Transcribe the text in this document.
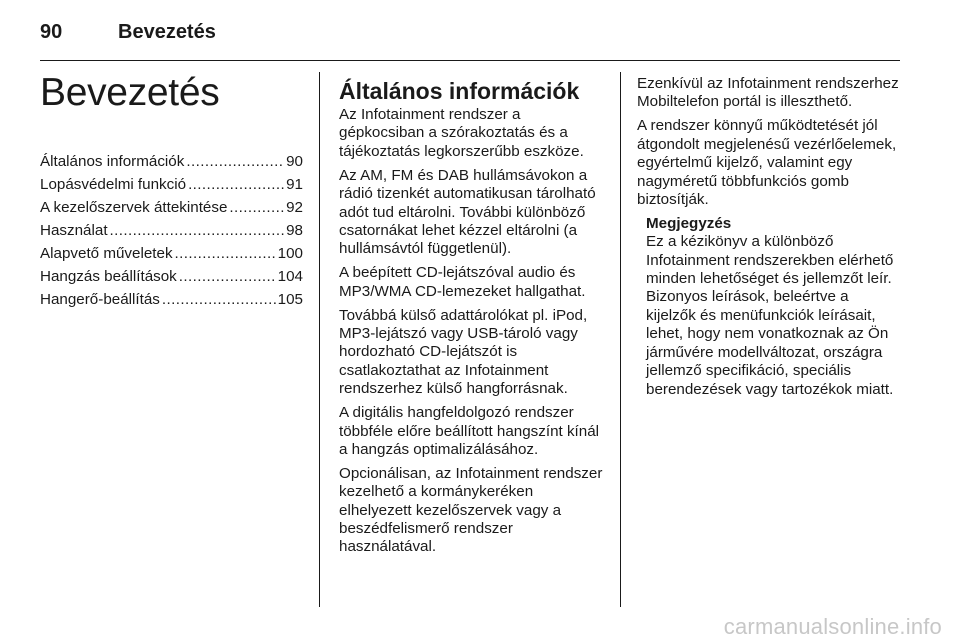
90	Bevezetés
Bevezetés
Általános információk .....	90
Lopásvédelmi funkció .....	91
A kezelőszervek áttekintése .....	92
Használat .....	98
Alapvető műveletek .....	100
Hangzás beállítások .....	104
Hangerő-beállítás .....	105
Általános információk

Az Infotainment rendszer a gépkocsiban a szórakoztatás és a tájékoztatás legkorszerűbb eszköze.

Az AM, FM és DAB hullámsávokon a rádió tizenkét automatikusan tárolható adót tud eltárolni. További különböző csatornákat lehet kézzel eltárolni (a hullámsávtól függetlenül).

A beépített CD-lejátszóval audio és MP3/WMA CD-lemezeket hallgathat.

Továbbá külső adattárolókat pl. iPod, MP3-lejátszó vagy USB-tároló vagy hordozható CD-lejátszót is csatlakoztathat az Infotainment rendszerhez külső hangforrásnak.

A digitális hangfeldolgozó rendszer többféle előre beállított hangszínt kínál a hangzás optimalizálásához.

Opcionálisan, az Infotainment rendszer kezelhető a kormánykeréken elhelyezett kezelőszervek vagy a beszédfelismerő rendszer használatával.

Ezenkívül az Infotainment rendszerhez Mobiltelefon portál is illeszthető.

A rendszer könnyű működtetését jól átgondolt megjelenésű vezérlőelemek, egyértelmű kijelző, valamint egy nagyméretű többfunkciós gomb biztosítják.

Megjegyzés
Ez a kézikönyv a különböző Infotainment rendszerekben elérhető minden lehetőséget és jellemzőt leír. Bizonyos leírások, beleértve a kijelzők és menüfunkciók leírásait, lehet, hogy nem vonatkoznak az Ön járművére modellváltozat, országra jellemző specifikáció, speciális berendezések vagy tartozékok miatt.
carmanualsonline.info
